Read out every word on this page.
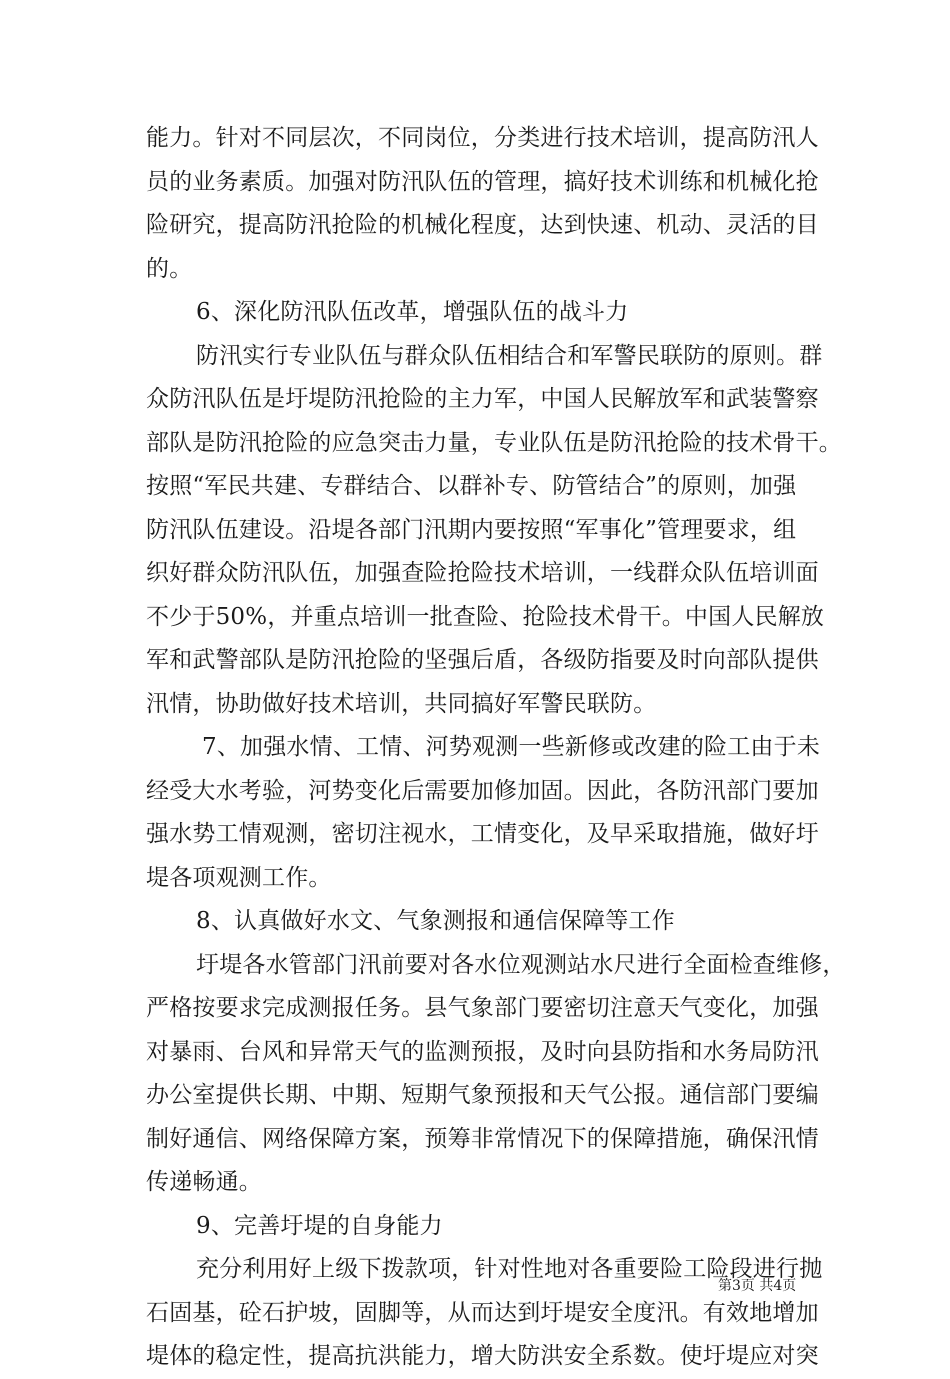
能力。针对不同层次，不同岗位，分类进行技术培训，提高防汛人
员的业务素质。加强对防汛队伍的管理，搞好技术训练和机械化抢
险研究，提高防汛抢险的机械化程度，达到快速、机动、灵活的目
的。
6、深化防汛队伍改革，增强队伍的战斗力
防汛实行专业队伍与群众队伍相结合和军警民联防的原则。群
众防汛队伍是圩堤防汛抢险的主力军，中国人民解放军和武装警察
部队是防汛抢险的应急突击力量，专业队伍是防汛抢险的技术骨干。
按照“军民共建、专群结合、以群补专、防管结合”的原则，加强
防汛队伍建设。沿堤各部门汛期内要按照“军事化”管理要求，组
织好群众防汛队伍，加强查险抢险技术培训，一线群众队伍培训面
不少于50%，并重点培训一批查险、抢险技术骨干。中国人民解放
军和武警部队是防汛抢险的坚强后盾，各级防指要及时向部队提供
汛情，协助做好技术培训，共同搞好军警民联防。
7、加强水情、工情、河势观测一些新修或改建的险工由于未
经受大水考验，河势变化后需要加修加固。因此，各防汛部门要加
强水势工情观测，密切注视水，工情变化，及早采取措施，做好圩
堤各项观测工作。
8、认真做好水文、气象测报和通信保障等工作
圩堤各水管部门汛前要对各水位观测站水尺进行全面检查维修，
严格按要求完成测报任务。县气象部门要密切注意天气变化，加强
对暴雨、台风和异常天气的监测预报，及时向县防指和水务局防汛
办公室提供长期、中期、短期气象预报和天气公报。通信部门要编
制好通信、网络保障方案，预筹非常情况下的保障措施，确保汛情
传递畅通。
9、完善圩堤的自身能力
充分利用好上级下拨款项，针对性地对各重要险工险段进行抛
石固基，砼石护坡，固脚等，从而达到圩堤安全度汛。有效地增加
堤体的稳定性，提高抗洪能力，增大防洪安全系数。使圩堤应对突
第3页 共4页
